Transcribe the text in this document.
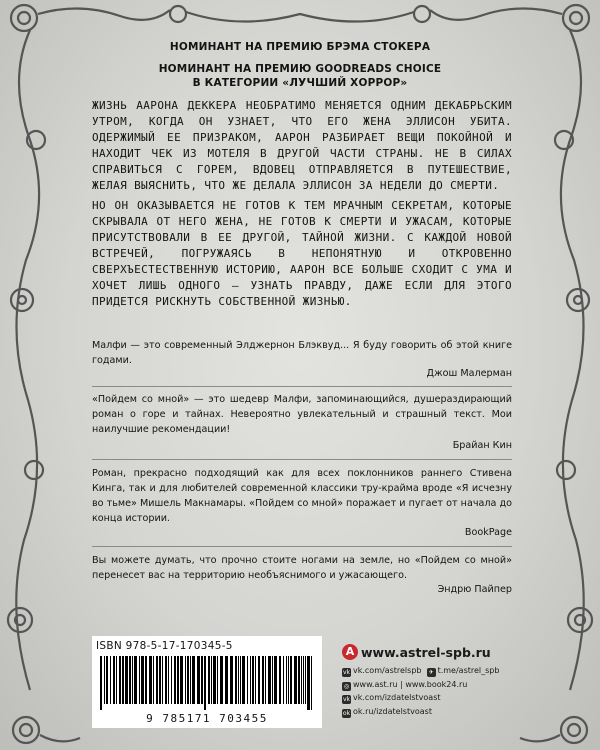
НОМИНАНТ НА ПРЕМИЮ БРЭМА СТОКЕРА
НОМИНАНТ НА ПРЕМИЮ GOODREADS CHOICE
В КАТЕГОРИИ «ЛУЧШИЙ ХОРРОР»
ЖИЗНЬ ААРОНА ДЕККЕРА НЕОБРАТИМО МЕНЯЕТСЯ ОДНИМ ДЕКАБРЬСКИМ УТРОМ, КОГДА ОН УЗНАЕТ, ЧТО ЕГО ЖЕНА ЭЛЛИСОН УБИТА. ОДЕРЖИМЫЙ ЕЕ ПРИЗРАКОМ, ААРОН РАЗБИРАЕТ ВЕЩИ ПОКОЙНОЙ И НАХОДИТ ЧЕК ИЗ МОТЕЛЯ В ДРУГОЙ ЧАСТИ СТРАНЫ. НЕ В СИЛАХ СПРАВИТЬСЯ С ГОРЕМ, ВДОВЕЦ ОТПРАВЛЯЕТСЯ В ПУТЕШЕСТВИЕ, ЖЕЛАЯ ВЫЯСНИТЬ, ЧТО ЖЕ ДЕЛАЛА ЭЛЛИСОН ЗА НЕДЕЛИ ДО СМЕРТИ.
НО ОН ОКАЗЫВАЕТСЯ НЕ ГОТОВ К ТЕМ МРАЧНЫМ СЕКРЕТАМ, КОТОРЫЕ СКРЫВАЛА ОТ НЕГО ЖЕНА, НЕ ГОТОВ К СМЕРТИ И УЖАСАМ, КОТОРЫЕ ПРИСУТСТВОВАЛИ В ЕЕ ДРУГОЙ, ТАЙНОЙ ЖИЗНИ. С КАЖДОЙ НОВОЙ ВСТРЕЧЕЙ, ПОГРУЖАЯСЬ В НЕПОНЯТНУЮ И ОТКРОВЕННО СВЕРХЪЕСТЕСТВЕННУЮ ИСТОРИЮ, ААРОН ВСЕ БОЛЬШЕ СХОДИТ С УМА И ХОЧЕТ ЛИШЬ ОДНОГО — УЗНАТЬ ПРАВДУ, ДАЖЕ ЕСЛИ ДЛЯ ЭТОГО ПРИДЕТСЯ РИСКНУТЬ СОБСТВЕННОЙ ЖИЗНЬЮ.
Малфи — это современный Элджернон Блэквуд... Я буду говорить об этой книге годами.
Джош Малерман
«Пойдем со мной» — это шедевр Малфи, запоминающийся, душераздирающий роман о горе и тайнах. Невероятно увлекательный и страшный текст. Мои наилучшие рекомендации!
Брайан Кин
Роман, прекрасно подходящий как для всех поклонников раннего Стивена Кинга, так и для любителей современной классики тру-крайма вроде «Я исчезну во тьме» Мишель Макнамары. «Пойдем со мной» поражает и пугает от начала до конца истории.
BookPage
Вы можете думать, что прочно стоите ногами на земле, но «Пойдем со мной» перенесет вас на территорию необъяснимого и ужасающего.
Эндрю Пайпер
ISBN 978-5-17-170345-5
9 785171 703455
А www.astrel-spb.ru
vk vk.com/astrelspb ✈ t.me/astrel_spb
◎ www.ast.ru | www.book24.ru
vk vk.com/izdatelstvoast
ok ok.ru/izdatelstvoast
